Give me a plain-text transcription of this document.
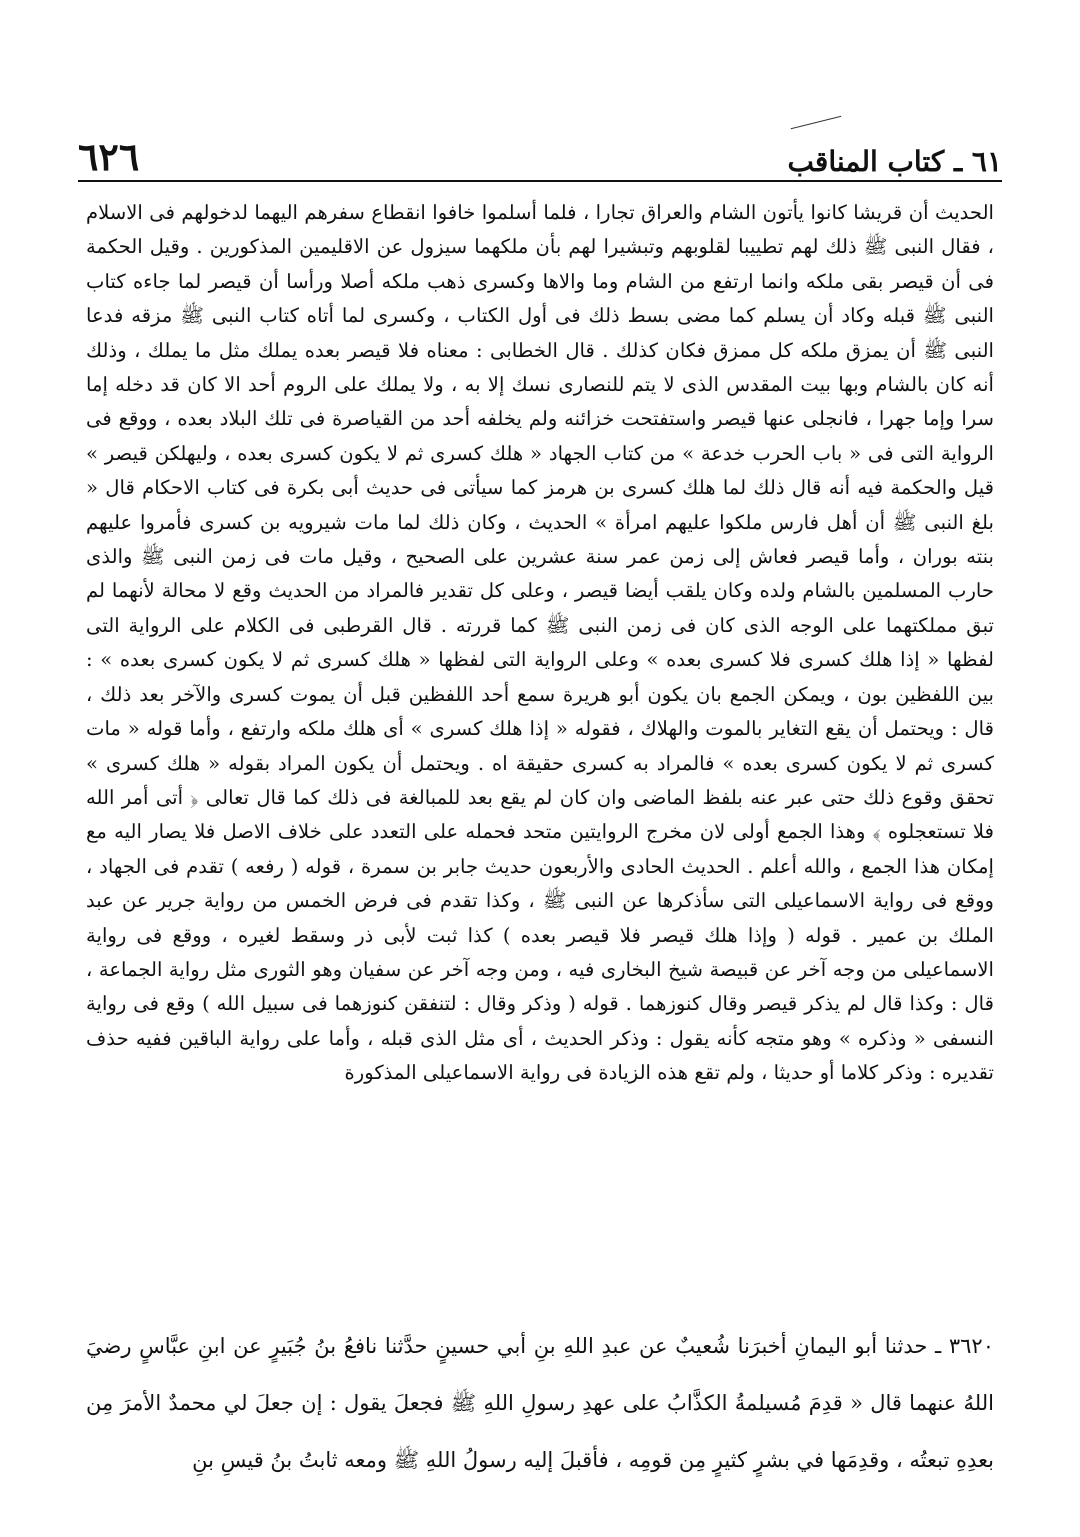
٦٢٦	٦١ ـ كتاب المناقب

الحديث أن قريشا كانوا يأتون الشام والعراق تجارا ، فلما أسلموا خافوا انقطاع سفرهم اليهما لدخولهم فى الاسلام ، فقال النبى ﷺ ذلك لهم تطييبا لقلوبهم وتبشيرا لهم بأن ملكهما سيزول عن الاقليمين المذكورين . وقيل الحكمة فى أن قيصر بقى ملكه وانما ارتفع من الشام وما والاها وكسرى ذهب ملكه أصلا ورأسا أن قيصر لما جاءه كتاب النبى ﷺ قبله وكاد أن يسلم كما مضى بسط ذلك فى أول الكتاب ، وكسرى لما أتاه كتاب النبى ﷺ مزقه فدعا النبى ﷺ أن يمزق ملكه كل ممزق فكان كذلك . قال الخطابى : معناه فلا قيصر بعده يملك مثل ما يملك ، وذلك أنه كان بالشام وبها بيت المقدس الذى لا يتم للنصارى نسك إلا به ، ولا يملك على الروم أحد الا كان قد دخله إما سرا وإما جهرا ، فانجلى عنها قيصر واستفتحت خزائنه ولم يخلفه أحد من القياصرة فى تلك البلاد بعده ، ووقع فى الرواية التى فى « باب الحرب خدعة » من كتاب الجهاد « هلك كسرى ثم لا يكون كسرى بعده ، وليهلكن قيصر » قيل والحكمة فيه أنه قال ذلك لما هلك كسرى بن هرمز كما سيأتى فى حديث أبى بكرة فى كتاب الاحكام قال « بلغ النبى ﷺ أن أهل فارس ملكوا عليهم امرأة » الحديث ، وكان ذلك لما مات شيرويه بن كسرى فأمروا عليهم بنته بوران ، وأما قيصر فعاش إلى زمن عمر سنة عشرين على الصحيح ، وقيل مات فى زمن النبى ﷺ والذى حارب المسلمين بالشام ولده وكان يلقب أيضا قيصر ، وعلى كل تقدير فالمراد من الحديث وقع لا محالة لأنهما لم تبق مملكتهما على الوجه الذى كان فى زمن النبى ﷺ كما قررته . قال القرطبى فى الكلام على الرواية التى لفظها « إذا هلك كسرى فلا كسرى بعده » وعلى الرواية التى لفظها « هلك كسرى ثم لا يكون كسرى بعده » : بين اللفظين بون ، ويمكن الجمع بان يكون أبو هريرة سمع أحد اللفظين قبل أن يموت كسرى والآخر بعد ذلك ، قال : ويحتمل أن يقع التغاير بالموت والهلاك ، فقوله « إذا هلك كسرى » أى هلك ملكه وارتفع ، وأما قوله « مات كسرى ثم لا يكون كسرى بعده » فالمراد به كسرى حقيقة اه . ويحتمل أن يكون المراد بقوله « هلك كسرى » تحقق وقوع ذلك حتى عبر عنه بلفظ الماضى وان كان لم يقع بعد للمبالغة فى ذلك كما قال تعالى ﴿ أتى أمر الله فلا تستعجلوه ﴾ وهذا الجمع أولى لان مخرج الروايتين متحد فحمله على التعدد على خلاف الاصل فلا يصار اليه مع إمكان هذا الجمع ، والله أعلم . الحديث الحادى والأربعون حديث جابر بن سمرة ، قوله ( رفعه ) تقدم فى الجهاد ، ووقع فى رواية الاسماعيلى التى سأذكرها عن النبى ﷺ ، وكذا تقدم فى فرض الخمس من رواية جرير عن عبد الملك بن عمير . قوله ( وإذا هلك قيصر فلا قيصر بعده ) كذا ثبت لأبى ذر وسقط لغيره ، ووقع فى رواية الاسماعيلى من وجه آخر عن قبيصة شيخ البخارى فيه ، ومن وجه آخر عن سفيان وهو الثورى مثل رواية الجماعة ، قال : وكذا قال لم يذكر قيصر وقال كنوزهما . قوله ( وذكر وقال : لتنفقن كنوزهما فى سبيل الله ) وقع فى رواية النسفى « وذكره » وهو متجه كأنه يقول : وذكر الحديث ، أى مثل الذى قبله ، وأما على رواية الباقين ففيه حذف تقديره : وذكر كلاما أو حديثا ، ولم تقع هذه الزيادة فى رواية الاسماعيلى المذكورة

٣٦٢٠ ـ حدثنا أبو اليمانِ أخبرَنا شُعيبٌ عن عبدِ اللهِ بنِ أبي حسينٍ حدَّثنا نافعُ بنُ جُبَيرٍ عن ابنِ عبَّاسٍ رضيَ اللهُ عنهما قال « قدِمَ مُسيلمةُ الكذَّابُ على عهدِ رسولِ اللهِ ﷺ فجعلَ يقول : إن جعلَ لي محمدٌ الأمرَ مِن بعدِهِ تبعتُه ، وقدِمَها في بشرٍ كثيرٍ مِن قومِه ، فأقبلَ إليه رسولُ اللهِ ﷺ ومعه ثابتُ بنُ قيسِ بنِ
